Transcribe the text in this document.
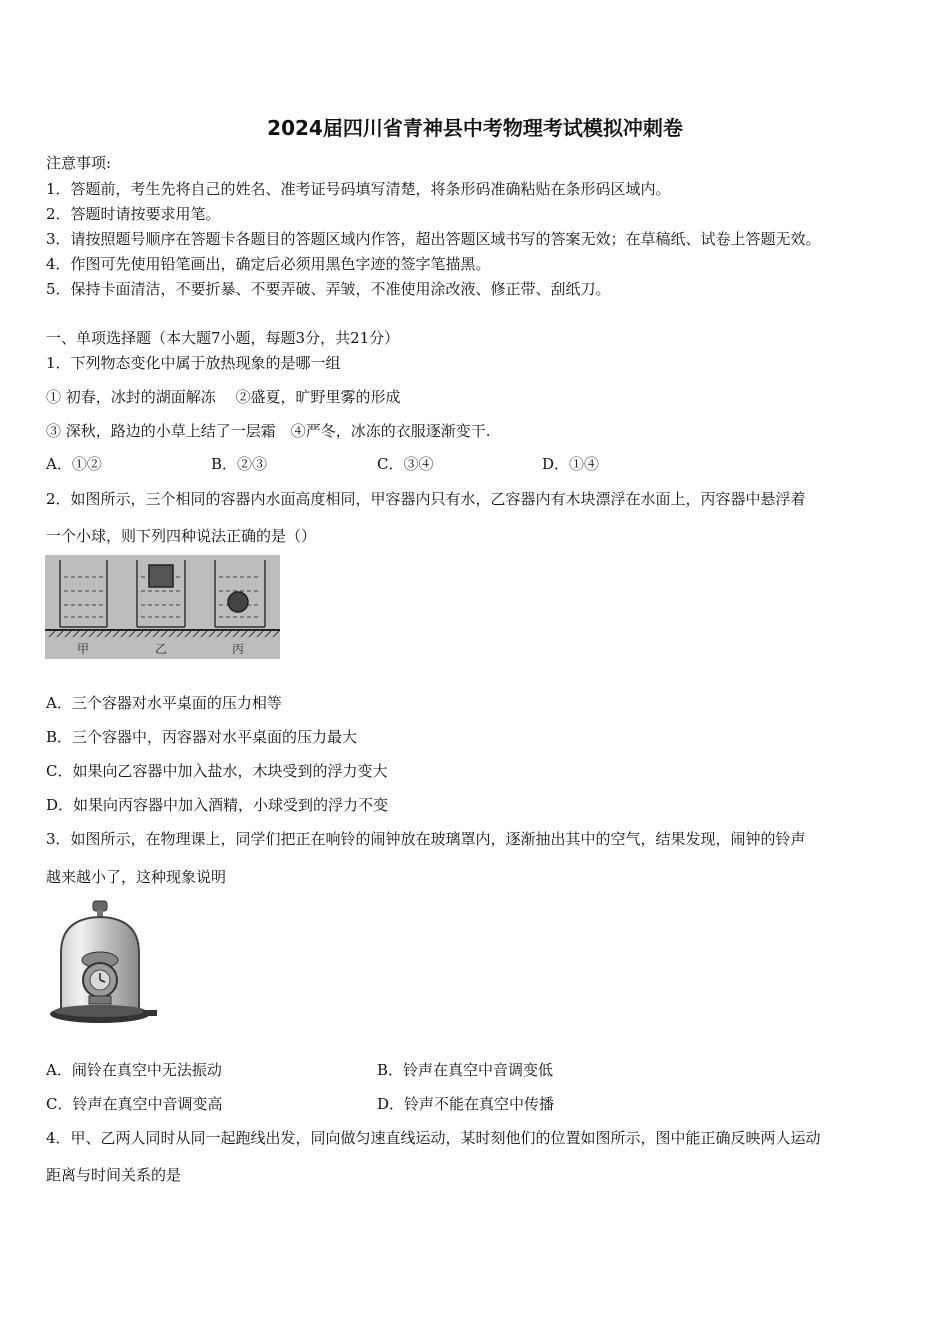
2024届四川省青神县中考物理考试模拟冲刺卷
注意事项:
1．答题前，考生先将自己的姓名、准考证号码填写清楚，将条形码准确粘贴在条形码区域内。
2．答题时请按要求用笔。
3．请按照题号顺序在答题卡各题目的答题区域内作答，超出答题区域书写的答案无效；在草稿纸、试卷上答题无效。
4．作图可先使用铅笔画出，确定后必须用黑色字迹的签字笔描黑。
5．保持卡面清洁，不要折暴、不要弄破、弄皱，不准使用涂改液、修正带、刮纸刀。
一、单项选择题（本大题7小题，每题3分，共21分）
1．下列物态变化中属于放热现象的是哪一组
① 初春，冰封的湖面解冻　 ②盛夏，旷野里雾的形成
③ 深秋，路边的小草上结了一层霜　④严冬，冰冻的衣服逐渐变干.
A．①②	B．②③	C．③④	D．①④
2．如图所示，三个相同的容器内水面高度相同，甲容器内只有水，乙容器内有木块漂浮在水面上，丙容器中悬浮着
一个小球，则下列四种说法正确的是（）
甲	乙	丙
A．三个容器对水平桌面的压力相等
B．三个容器中，丙容器对水平桌面的压力最大
C．如果向乙容器中加入盐水，木块受到的浮力变大
D．如果向丙容器中加入酒精，小球受到的浮力不变
3．如图所示，在物理课上，同学们把正在响铃的闹钟放在玻璃罩内，逐渐抽出其中的空气，结果发现，闹钟的铃声
越来越小了，这种现象说明
A．闹铃在真空中无法振动	B．铃声在真空中音调变低
C．铃声在真空中音调变高	D．铃声不能在真空中传播
4．甲、乙两人同时从同一起跑线出发，同向做匀速直线运动，某时刻他们的位置如图所示，图中能正确反映两人运动
距离与时间关系的是
